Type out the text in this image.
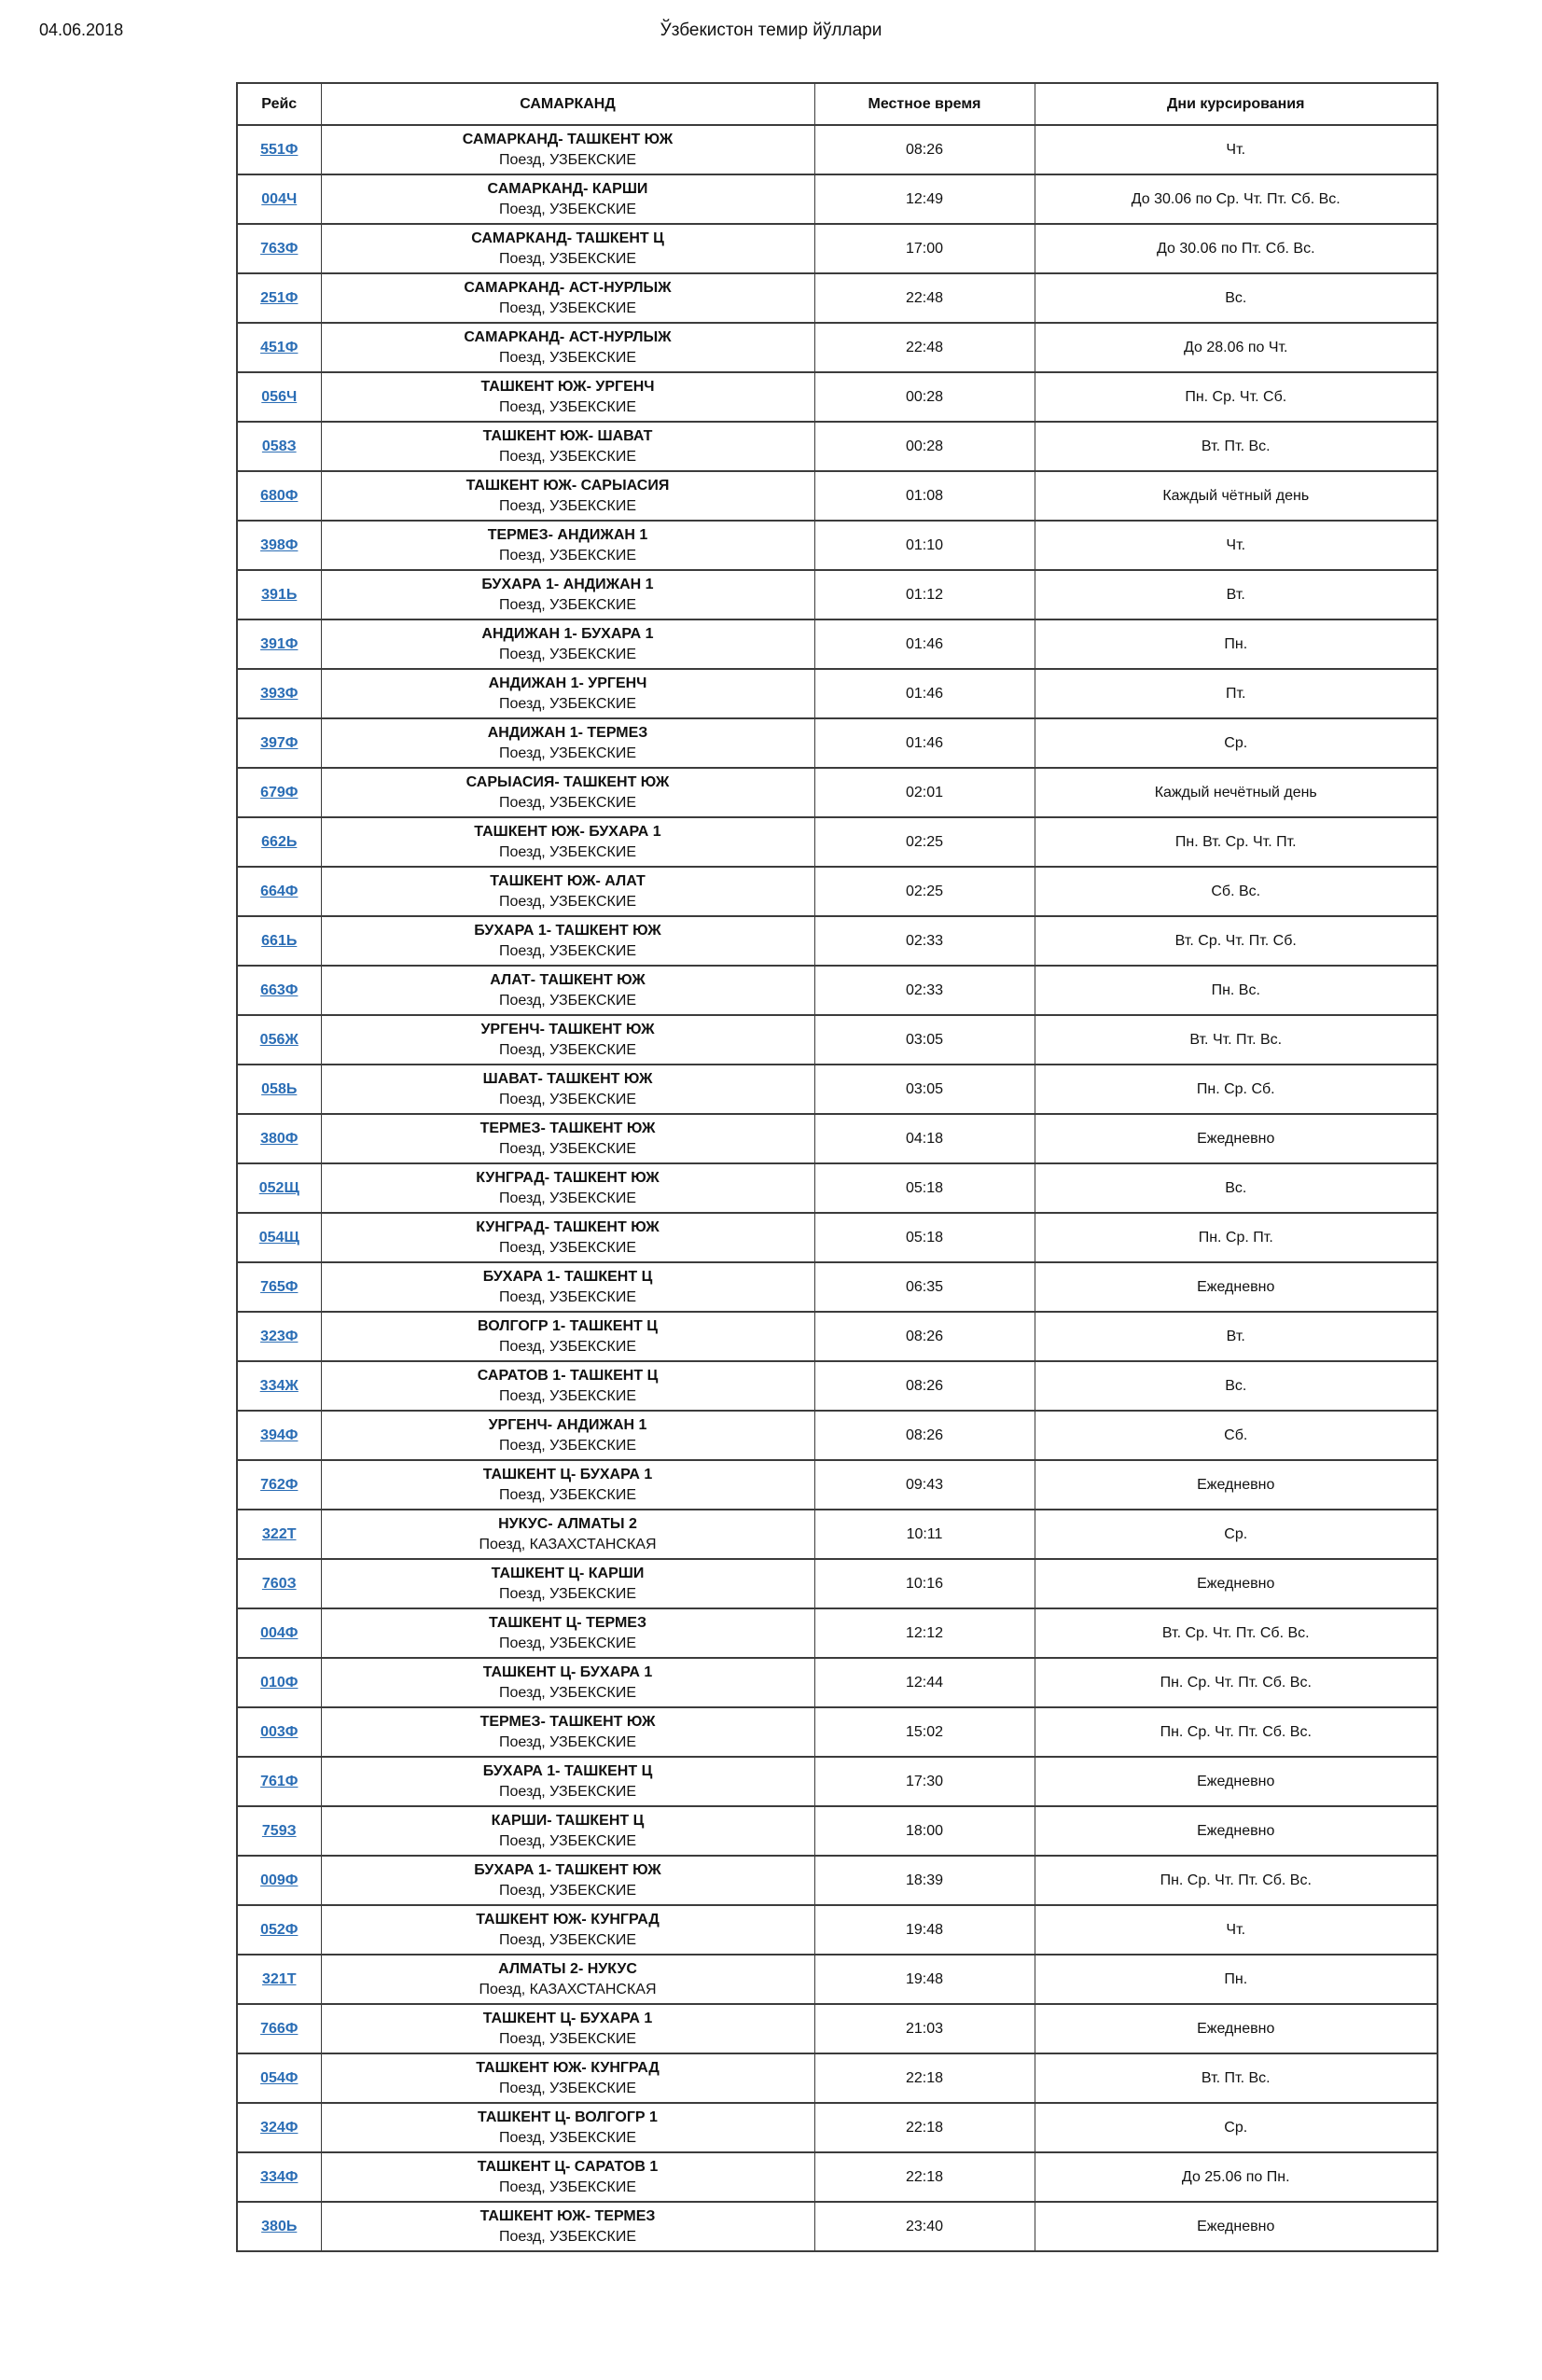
04.06.2018	Ўзбекистон темир йўллари
Рейс	САМАРКАНД	Местное время	Дни курсирования
551Ф	САМАРКАНД- ТАШКЕНТ ЮЖ
Поезд, УЗБЕКСКИЕ	08:26	Чт.
004Ч	САМАРКАНД- КАРШИ
Поезд, УЗБЕКСКИЕ	12:49	До 30.06 по Ср. Чт. Пт. Сб. Вс.
763Ф	САМАРКАНД- ТАШКЕНТ Ц
Поезд, УЗБЕКСКИЕ	17:00	До 30.06 по Пт. Сб. Вс.
251Ф	САМАРКАНД- АСТ-НУРЛЫЖ
Поезд, УЗБЕКСКИЕ	22:48	Вс.
451Ф	САМАРКАНД- АСТ-НУРЛЫЖ
Поезд, УЗБЕКСКИЕ	22:48	До 28.06 по Чт.
056Ч	ТАШКЕНТ ЮЖ- УРГЕНЧ
Поезд, УЗБЕКСКИЕ	00:28	Пн. Ср. Чт. Сб.
058З	ТАШКЕНТ ЮЖ- ШАВАТ
Поезд, УЗБЕКСКИЕ	00:28	Вт. Пт. Вс.
680Ф	ТАШКЕНТ ЮЖ- САРЫАСИЯ
Поезд, УЗБЕКСКИЕ	01:08	Каждый чётный день
398Ф	ТЕРМЕЗ- АНДИЖАН 1
Поезд, УЗБЕКСКИЕ	01:10	Чт.
391Ь	БУХАРА 1- АНДИЖАН 1
Поезд, УЗБЕКСКИЕ	01:12	Вт.
391Ф	АНДИЖАН 1- БУХАРА 1
Поезд, УЗБЕКСКИЕ	01:46	Пн.
393Ф	АНДИЖАН 1- УРГЕНЧ
Поезд, УЗБЕКСКИЕ	01:46	Пт.
397Ф	АНДИЖАН 1- ТЕРМЕЗ
Поезд, УЗБЕКСКИЕ	01:46	Ср.
679Ф	САРЫАСИЯ- ТАШКЕНТ ЮЖ
Поезд, УЗБЕКСКИЕ	02:01	Каждый нечётный день
662Ь	ТАШКЕНТ ЮЖ- БУХАРА 1
Поезд, УЗБЕКСКИЕ	02:25	Пн. Вт. Ср. Чт. Пт.
664Ф	ТАШКЕНТ ЮЖ- АЛАТ
Поезд, УЗБЕКСКИЕ	02:25	Сб. Вс.
661Ь	БУХАРА 1- ТАШКЕНТ ЮЖ
Поезд, УЗБЕКСКИЕ	02:33	Вт. Ср. Чт. Пт. Сб.
663Ф	АЛАТ- ТАШКЕНТ ЮЖ
Поезд, УЗБЕКСКИЕ	02:33	Пн. Вс.
056Ж	УРГЕНЧ- ТАШКЕНТ ЮЖ
Поезд, УЗБЕКСКИЕ	03:05	Вт. Чт. Пт. Вс.
058Ь	ШАВАТ- ТАШКЕНТ ЮЖ
Поезд, УЗБЕКСКИЕ	03:05	Пн. Ср. Сб.
380Ф	ТЕРМЕЗ- ТАШКЕНТ ЮЖ
Поезд, УЗБЕКСКИЕ	04:18	Ежедневно
052Щ	КУНГРАД- ТАШКЕНТ ЮЖ
Поезд, УЗБЕКСКИЕ	05:18	Вс.
054Щ	КУНГРАД- ТАШКЕНТ ЮЖ
Поезд, УЗБЕКСКИЕ	05:18	Пн. Ср. Пт.
765Ф	БУХАРА 1- ТАШКЕНТ Ц
Поезд, УЗБЕКСКИЕ	06:35	Ежедневно
323Ф	ВОЛГОГР 1- ТАШКЕНТ Ц
Поезд, УЗБЕКСКИЕ	08:26	Вт.
334Ж	САРАТОВ 1- ТАШКЕНТ Ц
Поезд, УЗБЕКСКИЕ	08:26	Вс.
394Ф	УРГЕНЧ- АНДИЖАН 1
Поезд, УЗБЕКСКИЕ	08:26	Сб.
762Ф	ТАШКЕНТ Ц- БУХАРА 1
Поезд, УЗБЕКСКИЕ	09:43	Ежедневно
322Т	НУКУС- АЛМАТЫ 2
Поезд, КАЗАХСТАНСКАЯ	10:11	Ср.
760З	ТАШКЕНТ Ц- КАРШИ
Поезд, УЗБЕКСКИЕ	10:16	Ежедневно
004Ф	ТАШКЕНТ Ц- ТЕРМЕЗ
Поезд, УЗБЕКСКИЕ	12:12	Вт. Ср. Чт. Пт. Сб. Вс.
010Ф	ТАШКЕНТ Ц- БУХАРА 1
Поезд, УЗБЕКСКИЕ	12:44	Пн. Ср. Чт. Пт. Сб. Вс.
003Ф	ТЕРМЕЗ- ТАШКЕНТ ЮЖ
Поезд, УЗБЕКСКИЕ	15:02	Пн. Ср. Чт. Пт. Сб. Вс.
761Ф	БУХАРА 1- ТАШКЕНТ Ц
Поезд, УЗБЕКСКИЕ	17:30	Ежедневно
759З	КАРШИ- ТАШКЕНТ Ц
Поезд, УЗБЕКСКИЕ	18:00	Ежедневно
009Ф	БУХАРА 1- ТАШКЕНТ ЮЖ
Поезд, УЗБЕКСКИЕ	18:39	Пн. Ср. Чт. Пт. Сб. Вс.
052Ф	ТАШКЕНТ ЮЖ- КУНГРАД
Поезд, УЗБЕКСКИЕ	19:48	Чт.
321Т	АЛМАТЫ 2- НУКУС
Поезд, КАЗАХСТАНСКАЯ	19:48	Пн.
766Ф	ТАШКЕНТ Ц- БУХАРА 1
Поезд, УЗБЕКСКИЕ	21:03	Ежедневно
054Ф	ТАШКЕНТ ЮЖ- КУНГРАД
Поезд, УЗБЕКСКИЕ	22:18	Вт. Пт. Вс.
324Ф	ТАШКЕНТ Ц- ВОЛГОГР 1
Поезд, УЗБЕКСКИЕ	22:18	Ср.
334Ф	ТАШКЕНТ Ц- САРАТОВ 1
Поезд, УЗБЕКСКИЕ	22:18	До 25.06 по Пн.
380Ь	ТАШКЕНТ ЮЖ- ТЕРМЕЗ
Поезд, УЗБЕКСКИЕ	23:40	Ежедневно
